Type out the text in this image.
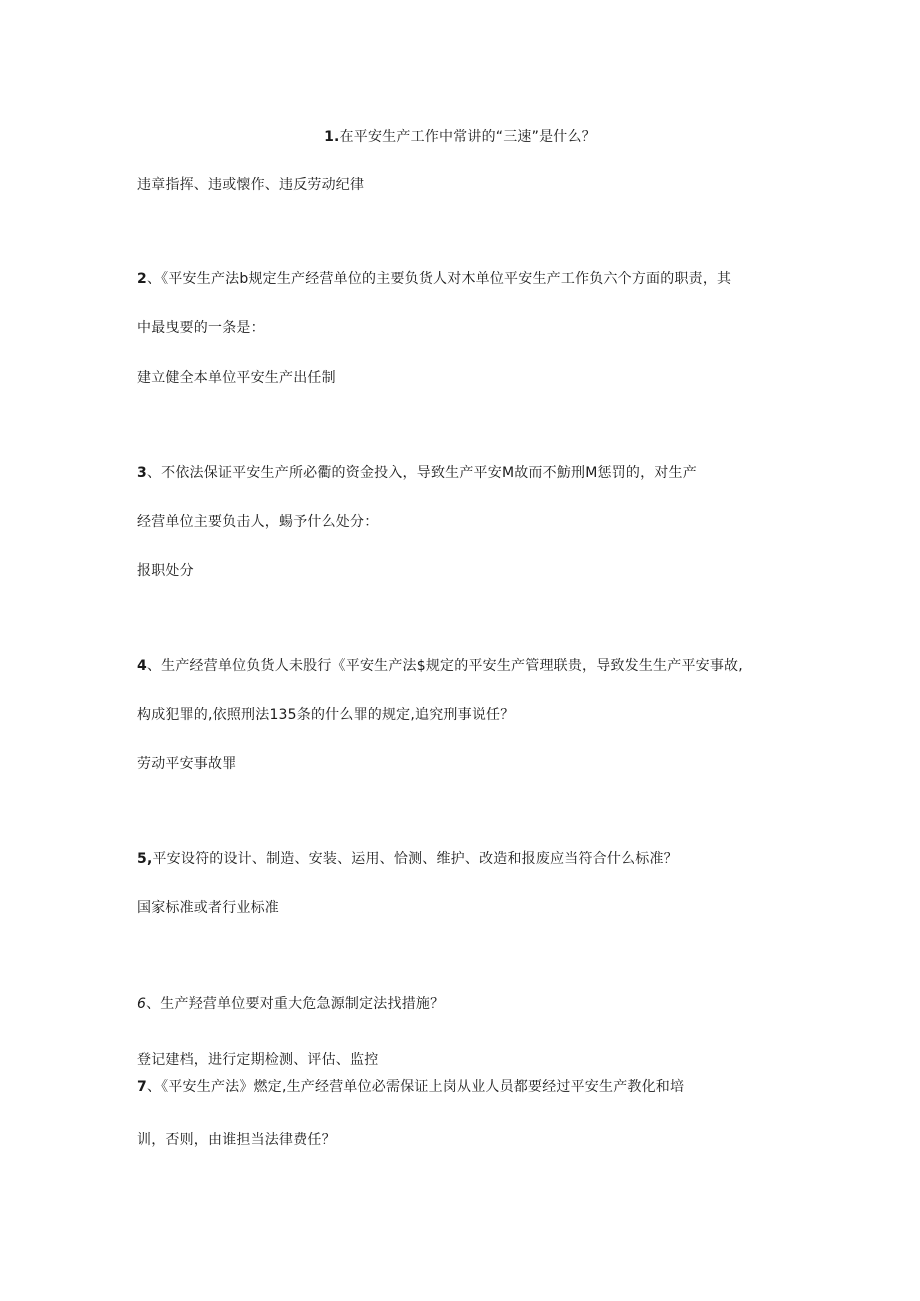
1.在平安生产工作中常讲的“三速”是什么？
违章指挥、违或懐作、违反劳动纪律
2、《平安生产法b规定生产经营单位的主要负货人对木单位平安生产工作负六个方面的职责，其
中最曳要的一条是：
建立健全本单位平安生产出任制
3、不依法保证平安生产所必衢的资金投入，导致生产平安M故而不魴刑M惩罚的，对生产
经营单位主要负击人，蝪予什么处分：
报职处分
4、生产经营单位负货人未股行《平安生产法$规定的平安生产管理联贵，导致发生生产平安事故,
构成犯罪的,依照刑法135条的什么罪的规定,追究刑事说任？
劳动平安事故罪
5,平安设符的设计、制造、安装、运用、恰测、维护、改造和报废应当符合什么标准？
国家标准或者行业标准
6、生产羟营单位要对重大危急源制定法找措施？
登记建档，进行定期检测、评估、监控
7、《平安生产法》燃定,生产经营单位必需保证上岗从业人员都要经过平安生产教化和培
训，否则，由谁担当法律费任？
